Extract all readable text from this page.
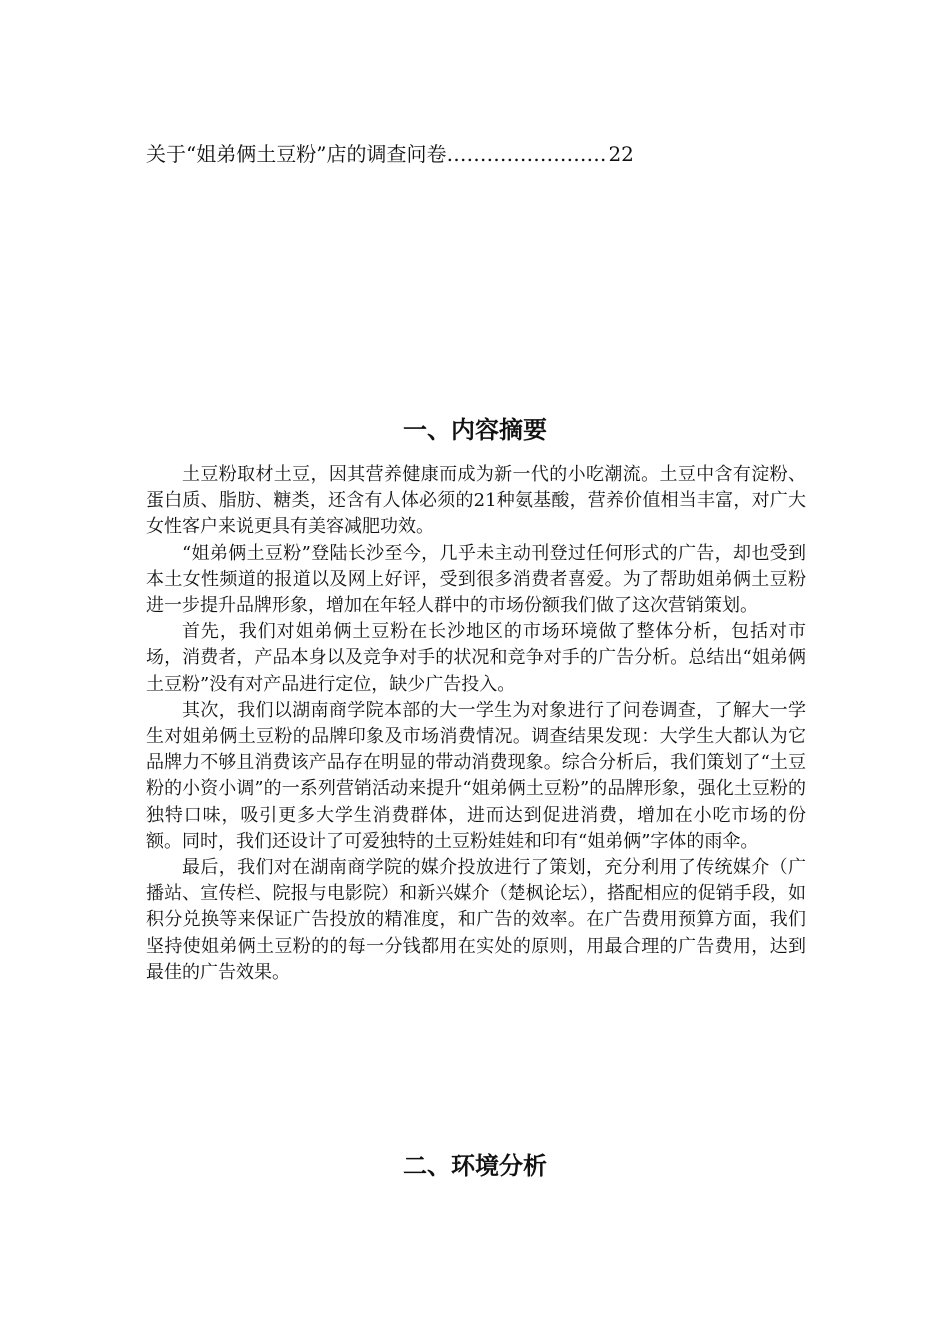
关于“姐弟俩土豆粉”店的调查问卷…………………… 22
一、内容摘要

土豆粉取材土豆，因其营养健康而成为新一代的小吃潮流。土豆中含有淀粉、蛋白质、脂肪、糖类，还含有人体必须的21种氨基酸，营养价值相当丰富，对广大女性客户来说更具有美容减肥功效。

“姐弟俩土豆粉”登陆长沙至今，几乎未主动刊登过任何形式的广告，却也受到本土女性频道的报道以及网上好评，受到很多消费者喜爱。为了帮助姐弟俩土豆粉进一步提升品牌形象，增加在年轻人群中的市场份额我们做了这次营销策划。

首先，我们对姐弟俩土豆粉在长沙地区的市场环境做了整体分析，包括对市场，消费者，产品本身以及竞争对手的状况和竞争对手的广告分析。总结出“姐弟俩土豆粉”没有对产品进行定位，缺少广告投入。

其次，我们以湖南商学院本部的大一学生为对象进行了问卷调查，了解大一学生对姐弟俩土豆粉的品牌印象及市场消费情况。调查结果发现：大学生大都认为它品牌力不够且消费该产品存在明显的带动消费现象。综合分析后，我们策划了“土豆粉的小资小调”的一系列营销活动来提升“姐弟俩土豆粉”的品牌形象，强化土豆粉的独特口味，吸引更多大学生消费群体，进而达到促进消费，增加在小吃市场的份额。同时，我们还设计了可爱独特的土豆粉娃娃和印有“姐弟俩”字体的雨伞。

最后，我们对在湖南商学院的媒介投放进行了策划，充分利用了传统媒介（广播站、宣传栏、院报与电影院）和新兴媒介（楚枫论坛），搭配相应的促销手段，如积分兑换等来保证广告投放的精准度，和广告的效率。在广告费用预算方面，我们坚持使姐弟俩土豆粉的的每一分钱都用在实处的原则，用最合理的广告费用，达到最佳的广告效果。

二、环境分析
